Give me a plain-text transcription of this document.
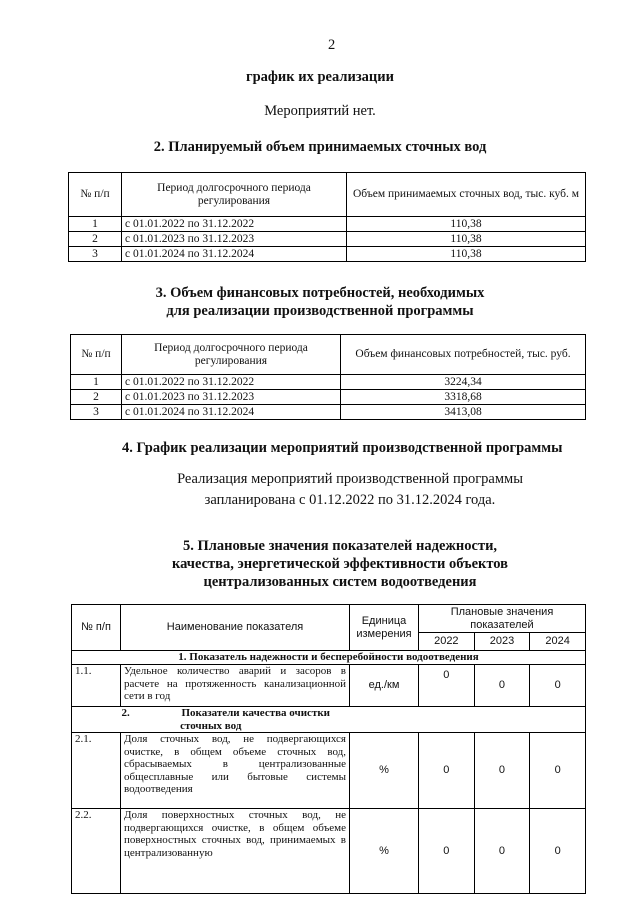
2
график их реализации
Мероприятий нет.
2. Планируемый объем принимаемых сточных вод
№ п/п	Период долгосрочного периода регулирования	Объем принимаемых сточных вод, тыс. куб. м
1	с 01.01.2022 по 31.12.2022	110,38
2	с 01.01.2023 по 31.12.2023	110,38
3	с 01.01.2024 по 31.12.2024	110,38
3. Объем финансовых потребностей, необходимых
для реализации производственной программы
№ п/п	Период долгосрочного периода регулирования	Объем финансовых потребностей, тыс. руб.
1	с 01.01.2022 по 31.12.2022	3224,34
2	с 01.01.2023 по 31.12.2023	3318,68
3	с 01.01.2024 по 31.12.2024	3413,08
4. График реализации мероприятий производственной программы
Реализация мероприятий производственной программы
запланирована с 01.12.2022 по 31.12.2024 года.
5. Плановые значения показателей надежности,
качества, энергетической эффективности объектов
централизованных систем водоотведения
№ п/п	Наименование показателя	Единица измерения	Плановые значения показателей		
			2022	2023	2024
1. Показатель надежности и бесперебойности водоотведения					
1.1.	Удельное количество аварий и засоров в расчете на протяженность канализационной сети в год	ед./км	0	0	0
2. Показатели качества очистки сточных вод					
2.1.	Доля сточных вод, не подвергающихся очистке, в общем объеме сточных вод, сбрасываемых в централизованные общесплавные или бытовые системы водоотведения	%	0	0	0
2.2.	Доля поверхностных сточных вод, не подвергающихся очистке, в общем объеме поверхностных сточных вод, принимаемых в централизованную	%	0	0	0
